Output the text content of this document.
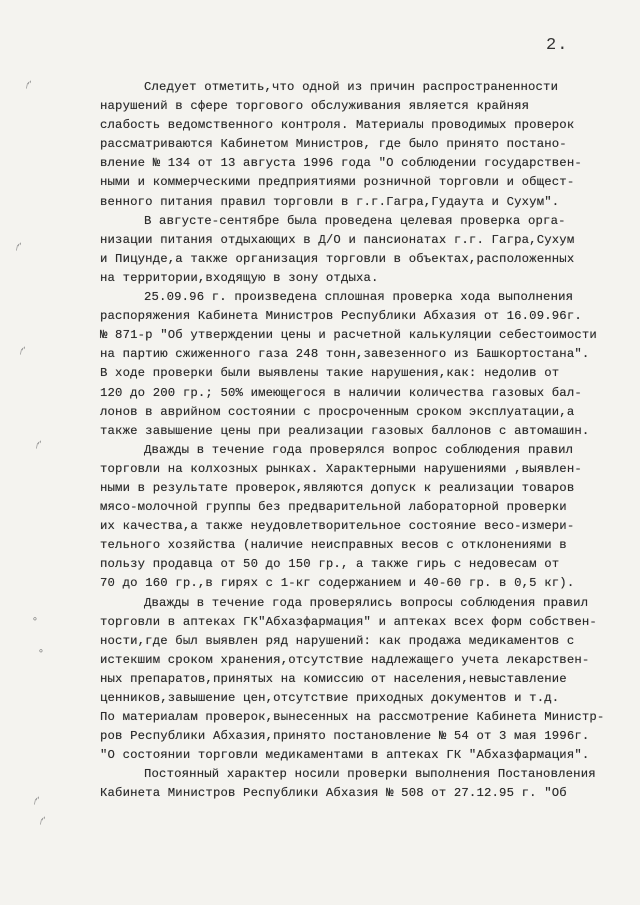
2.
⸝˶
⸝˶
⸝˶
⸝˶
ᐤ
ᐤ
⸝˶
⸝˶
Следует отметить,что одной из причин распространенности
нарушений в сфере торгового обслуживания является крайняя
слабость ведомственного контроля. Материалы проводимых проверок
рассматриваются Кабинетом Министров, где было принято постано-
вление № 134 от 13 августа 1996 года "О соблюдении государствен-
ными и коммерческими предприятиями розничной торговли и общест-
венного питания правил торговли в г.г.Гагра,Гудаута и Сухум".
В августе-сентябре была проведена целевая проверка орга-
низации питания отдыхающих в Д/О и пансионатах г.г. Гагра,Сухум
и Пицунде,а также организация торговли в объектах,расположенных
на территории,входящую в зону отдыха.
25.09.96 г. произведена сплошная проверка хода выполнения
распоряжения Кабинета Министров Республики Абхазия от 16.09.96г.
№ 871-р "Об утверждении цены и расчетной калькуляции себестоимости
на партию сжиженного газа 248 тонн,завезенного из Башкортостана".
В ходе проверки были выявлены такие нарушения,как: недолив от
120 до 200 гр.; 50% имеющегося в наличии количества газовых бал-
лонов в аврийном состоянии с просроченным сроком эксплуатации,а
также завышение цены при реализации газовых баллонов с автомашин.
Дважды в течение года проверялся вопрос соблюдения правил
торговли на колхозных рынках. Характерными нарушениями ,выявлен-
ными в результате проверок,являются допуск к реализации товаров
мясо-молочной группы без предварительной лабораторной проверки
их качества,а также неудовлетворительное состояние весо-измери-
тельного хозяйства (наличие неисправных весов с отклонениями в
пользу продавца от 50 до 150 гр., а также гирь с недовесам от
70 до 160 гр.,в гирях с 1-кг содержанием и 40-60 гр. в 0,5 кг).
Дважды в течение года проверялись вопросы соблюдения правил
торговли в аптеках ГК"Абхазфармация" и аптеках всех форм собствен-
ности,где был выявлен ряд нарушений: как продажа медикаментов с
истекшим сроком хранения,отсутствие надлежащего учета лекарствен-
ных препаратов,принятых на комиссию от населения,невыставление
ценников,завышение цен,отсутствие приходных документов и т.д.
По материалам проверок,вынесенных на рассмотрение Кабинета Министр-
ров Республики Абхазия,принято постановление № 54 от 3 мая 1996г.
"О состоянии торговли медикаментами в аптеках ГК "Абхазфармация".
Постоянный характер носили проверки выполнения Постановления
Кабинета Министров Республики Абхазия № 508 от 27.12.95 г. "Об
